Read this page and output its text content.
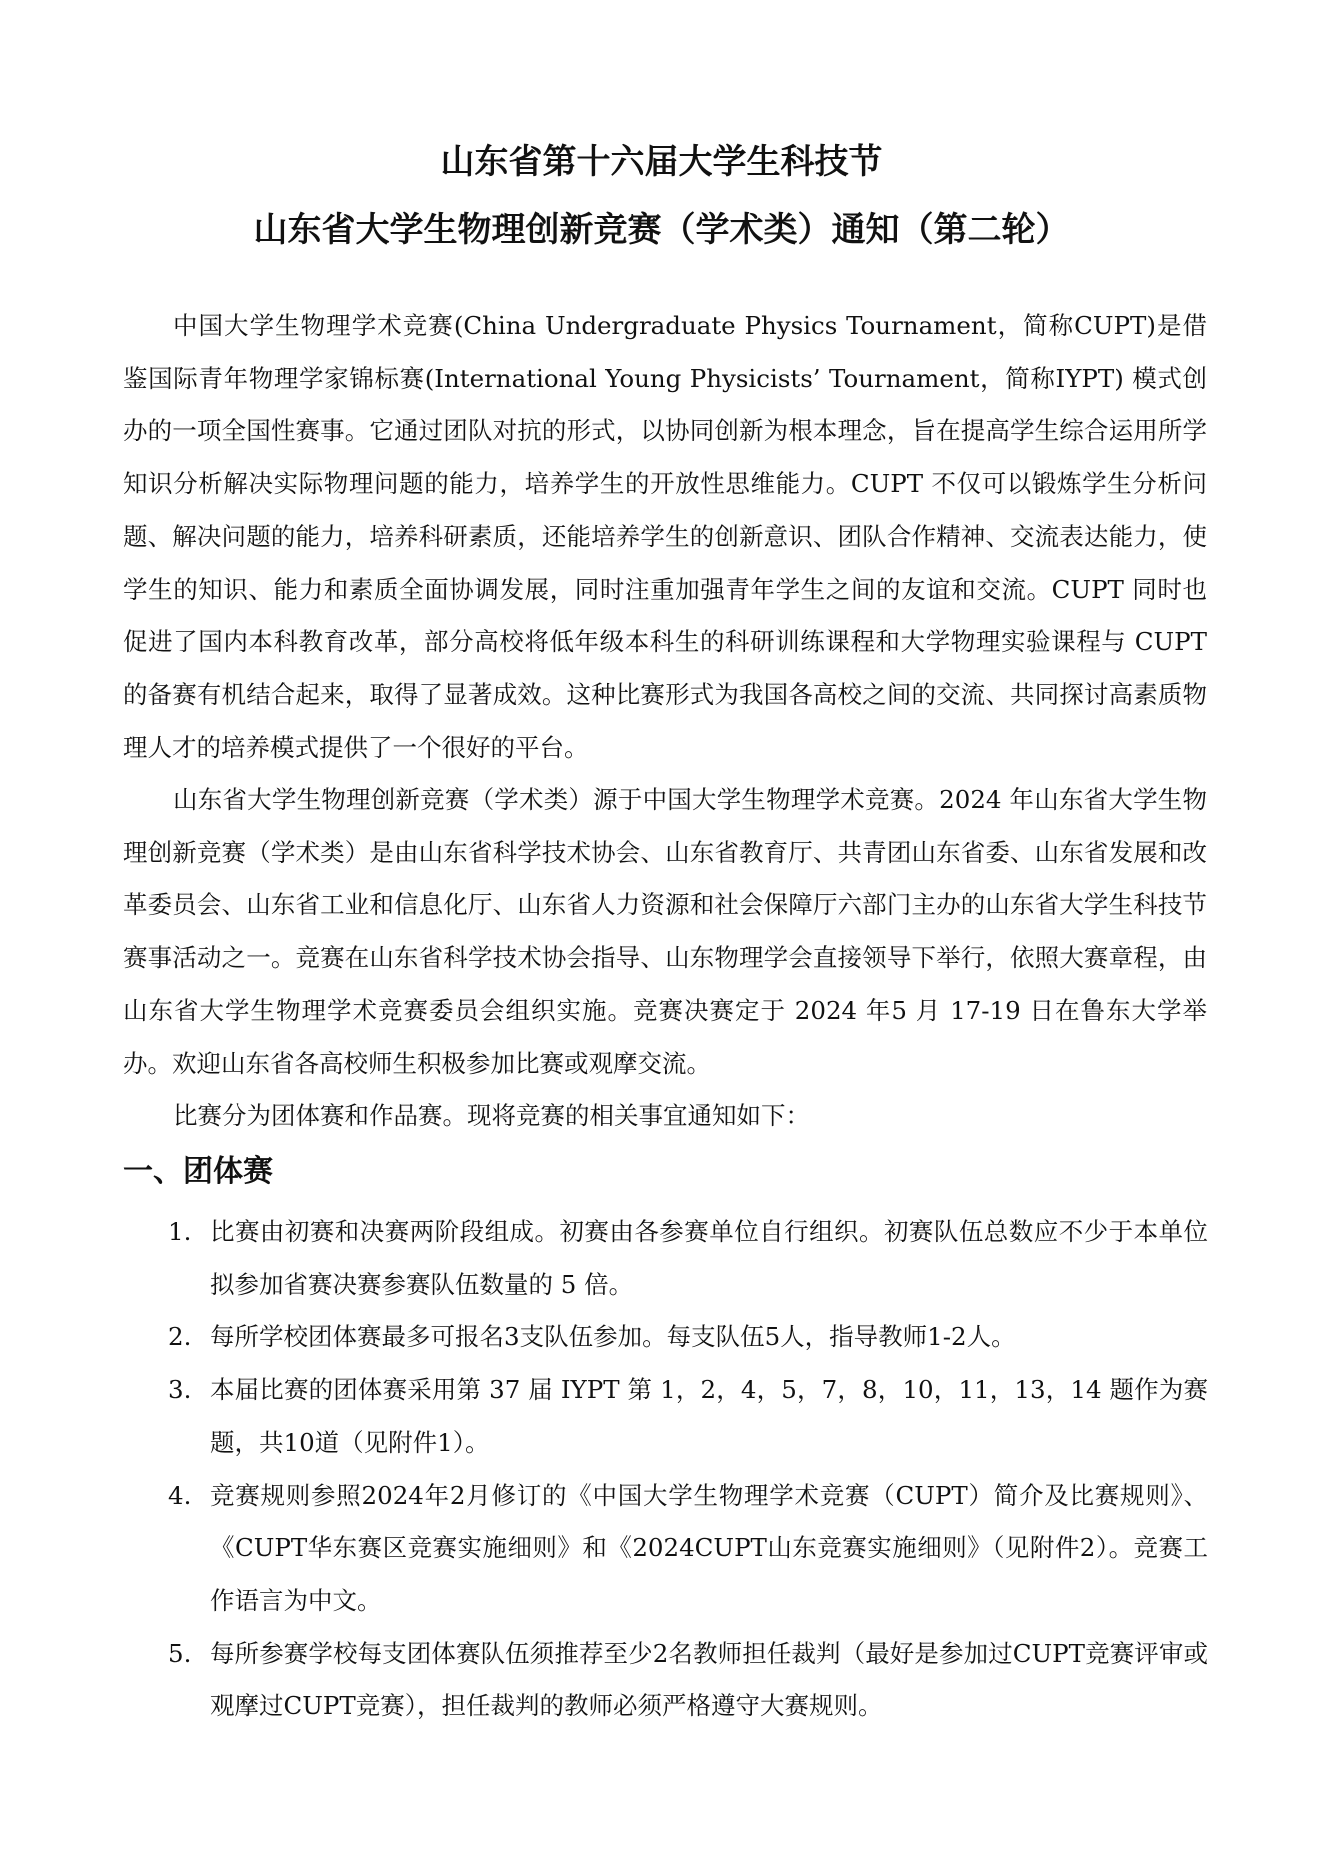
山东省第十六届大学生科技节
山东省大学生物理创新竞赛（学术类）通知（第二轮）

中国大学生物理学术竞赛(China Undergraduate Physics Tournament，简称CUPT)是借鉴国际青年物理学家锦标赛(International Young Physicists’ Tournament，简称IYPT) 模式创办的一项全国性赛事。它通过团队对抗的形式，以协同创新为根本理念，旨在提高学生综合运用所学知识分析解决实际物理问题的能力，培养学生的开放性思维能力。CUPT 不仅可以锻炼学生分析问题、解决问题的能力，培养科研素质，还能培养学生的创新意识、团队合作精神、交流表达能力，使学生的知识、能力和素质全面协调发展，同时注重加强青年学生之间的友谊和交流。CUPT 同时也促进了国内本科教育改革，部分高校将低年级本科生的科研训练课程和大学物理实验课程与 CUPT 的备赛有机结合起来，取得了显著成效。这种比赛形式为我国各高校之间的交流、共同探讨高素质物理人才的培养模式提供了一个很好的平台。

山东省大学生物理创新竞赛（学术类）源于中国大学生物理学术竞赛。2024 年山东省大学生物理创新竞赛（学术类）是由山东省科学技术协会、山东省教育厅、共青团山东省委、山东省发展和改革委员会、山东省工业和信息化厅、山东省人力资源和社会保障厅六部门主办的山东省大学生科技节赛事活动之一。竞赛在山东省科学技术协会指导、山东物理学会直接领导下举行，依照大赛章程，由山东省大学生物理学术竞赛委员会组织实施。竞赛决赛定于 2024 年5 月 17-19 日在鲁东大学举办。欢迎山东省各高校师生积极参加比赛或观摩交流。

比赛分为团体赛和作品赛。现将竞赛的相关事宜通知如下：

一、团体赛
1. 比赛由初赛和决赛两阶段组成。初赛由各参赛单位自行组织。初赛队伍总数应不少于本单位拟参加省赛决赛参赛队伍数量的 5 倍。
2. 每所学校团体赛最多可报名3支队伍参加。每支队伍5人，指导教师1-2人。
3. 本届比赛的团体赛采用第 37 届 IYPT 第 1，2，4，5，7，8，10，11，13，14 题作为赛题，共10道（见附件1）。
4. 竞赛规则参照2024年2月修订的《中国大学生物理学术竞赛（CUPT）简介及比赛规则》、《CUPT华东赛区竞赛实施细则》和《2024CUPT山东竞赛实施细则》（见附件2）。竞赛工作语言为中文。
5. 每所参赛学校每支团体赛队伍须推荐至少2名教师担任裁判（最好是参加过CUPT竞赛评审或观摩过CUPT竞赛），担任裁判的教师必须严格遵守大赛规则。
